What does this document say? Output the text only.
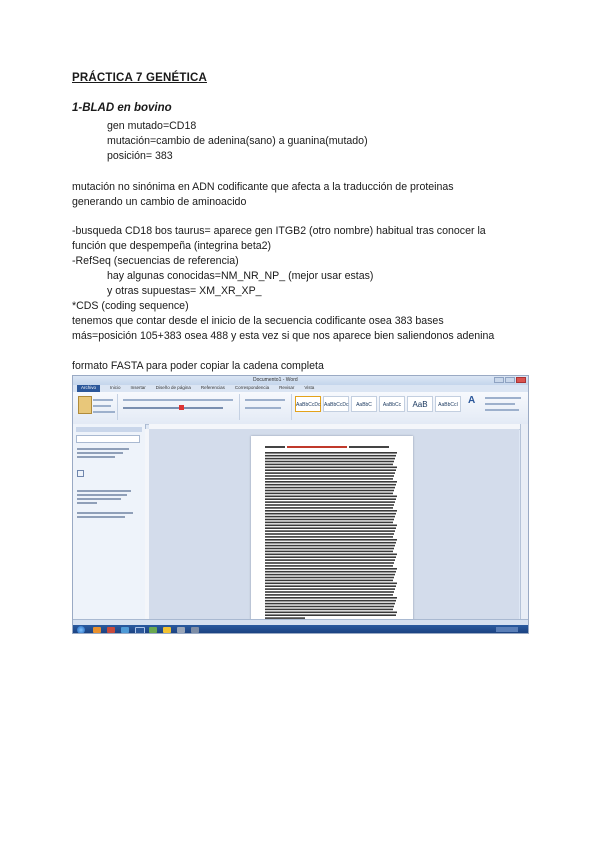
PRÁCTICA 7 GENÉTICA
1-BLAD en bovino
gen mutado=CD18
mutación=cambio de adenina(sano) a guanina(mutado)
posición= 383
mutación no sinónima en ADN codificante que afecta a la traducción de proteinas
generando un cambio de aminoacido
-busqueda CD18 bos taurus= aparece gen ITGB2 (otro nombre) habitual tras conocer la
función que despempeña (integrina beta2)
-RefSeq (secuencias de referencia)
hay algunas conocidas=NM_NR_NP_ (mejor usar estas)
y otras supuestas= XM_XR_XP_
*CDS (coding sequence)
tenemos que contar desde el inicio de la secuencia codificante osea 383 bases
más=posición 105+383 osea 488 y esta vez si que nos aparece bien saliendonos adenina
formato FASTA para poder copiar la cadena completa
Documento1 - Word
Archivo	Inicio Insertar Diseño de página Referencias Correspondencia Revisar Vista
AaBbCcDc AaBbCcDc	AaBbC	AaBbCc	AaB	AaBbCcI	A
